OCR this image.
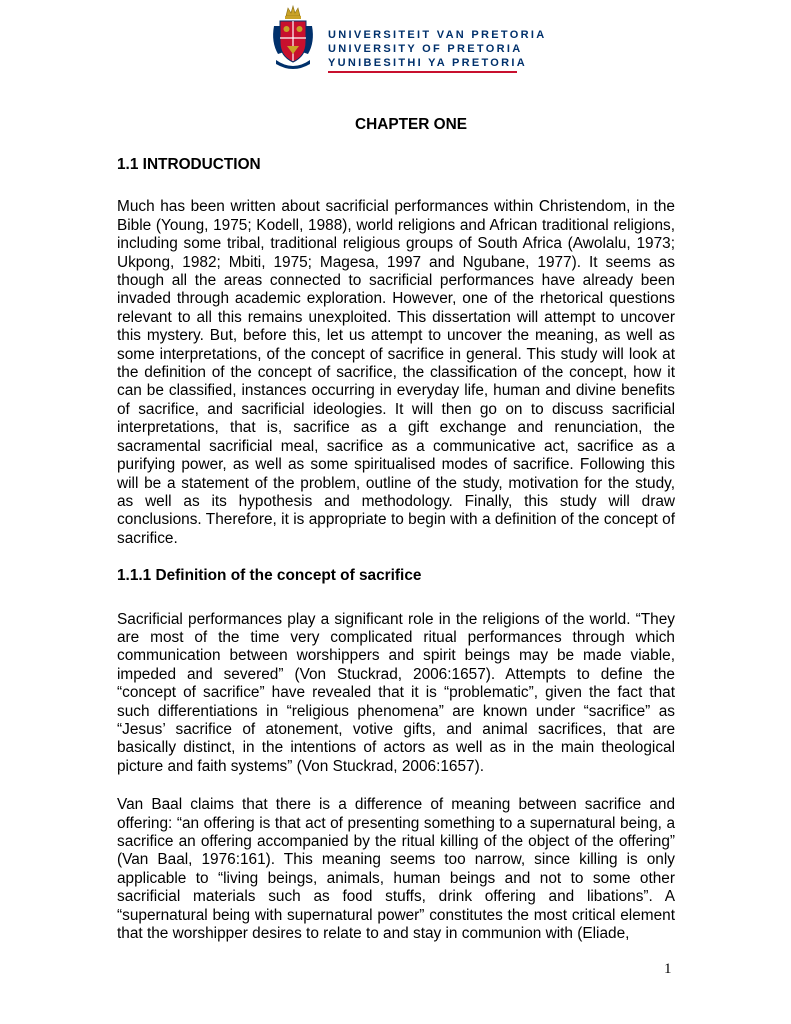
UNIVERSITEIT VAN PRETORIA
UNIVERSITY OF PRETORIA
YUNIBESITHI YA PRETORIA

CHAPTER ONE

1.1 INTRODUCTION

Much has been written about sacrificial performances within Christendom, in the Bible (Young, 1975; Kodell, 1988), world religions and African traditional religions, including some tribal, traditional religious groups of South Africa (Awolalu, 1973; Ukpong, 1982; Mbiti, 1975; Magesa, 1997 and Ngubane, 1977). It seems as though all the areas connected to sacrificial performances have already been invaded through academic exploration. However, one of the rhetorical questions relevant to all this remains unexploited. This dissertation will attempt to uncover this mystery. But, before this, let us attempt to uncover the meaning, as well as some interpretations, of the concept of sacrifice in general. This study will look at the definition of the concept of sacrifice, the classification of the concept, how it can be classified, instances occurring in everyday life, human and divine benefits of sacrifice, and sacrificial ideologies. It will then go on to discuss sacrificial interpretations, that is, sacrifice as a gift exchange and renunciation, the sacramental sacrificial meal, sacrifice as a communicative act, sacrifice as a purifying power, as well as some spiritualised modes of sacrifice. Following this will be a statement of the problem, outline of the study, motivation for the study, as well as its hypothesis and methodology. Finally, this study will draw conclusions. Therefore, it is appropriate to begin with a definition of the concept of sacrifice.

1.1.1 Definition of the concept of sacrifice

Sacrificial performances play a significant role in the religions of the world. “They are most of the time very complicated ritual performances through which communication between worshippers and spirit beings may be made viable, impeded and severed” (Von Stuckrad, 2006:1657). Attempts to define the “concept of sacrifice” have revealed that it is “problematic”, given the fact that such differentiations in “religious phenomena” are known under “sacrifice” as “Jesus’ sacrifice of atonement, votive gifts, and animal sacrifices, that are basically distinct, in the intentions of actors as well as in the main theological picture and faith systems” (Von Stuckrad, 2006:1657).

Van Baal claims that there is a difference of meaning between sacrifice and offering: “an offering is that act of presenting something to a supernatural being, a sacrifice an offering accompanied by the ritual killing of the object of the offering” (Van Baal, 1976:161). This meaning seems too narrow, since killing is only applicable to “living beings, animals, human beings and not to some other sacrificial materials such as food stuffs, drink offering and libations”. A “supernatural being with supernatural power” constitutes the most critical element that the worshipper desires to relate to and stay in communion with (Eliade,

1
